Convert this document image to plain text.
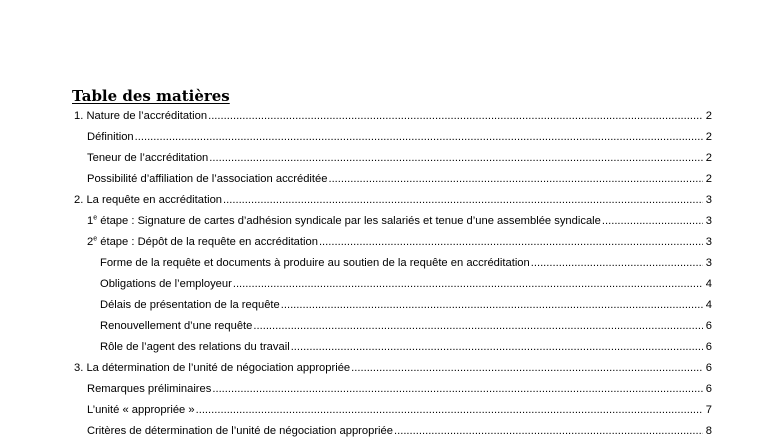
Table des matières
1. Nature de l’accréditation .....	2
Définition .....	2
Teneur de l’accréditation .....	2
Possibilité d’affiliation de l’association accréditée .....	2
2. La requête en accréditation .....	3
1e étape : Signature de cartes d’adhésion syndicale par les salariés et tenue d’une assemblée syndicale .....	3
2e étape : Dépôt de la requête en accréditation .....	3
Forme de la requête et documents à produire au soutien de la requête en accréditation .....	3
Obligations de l’employeur .....	4
Délais de présentation de la requête .....	4
Renouvellement d’une requête .....	6
Rôle de l’agent des relations du travail .....	6
3. La détermination de l’unité de négociation appropriée .....	6
Remarques préliminaires .....	6
L’unité « appropriée » .....	7
Critères de détermination de l’unité de négociation appropriée .....	8
